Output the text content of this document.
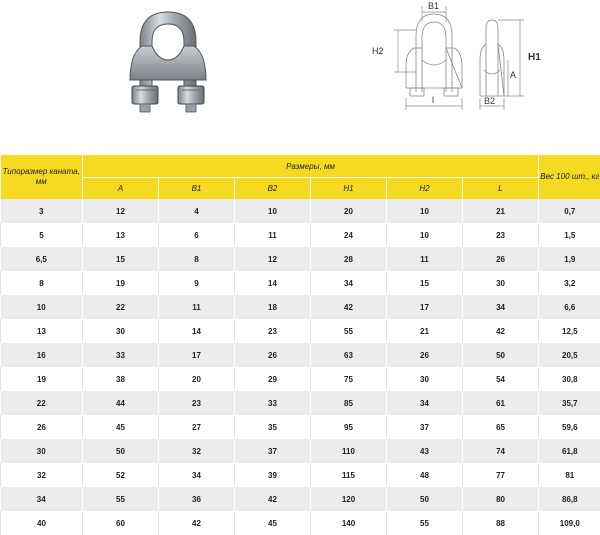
B1
H2
l
H1
A
B2
Типоразмер каната, мм	Размеры, мм						Вес 100 шт., кг
	A	B1	B2	H1	H2	L	
3	12	4	10	20	10	21	0,7
5	13	6	11	24	10	23	1,5
6,5	15	8	12	28	11	26	1,9
8	19	9	14	34	15	30	3,2
10	22	11	18	42	17	34	6,6
13	30	14	23	55	21	42	12,5
16	33	17	26	63	26	50	20,5
19	38	20	29	75	30	54	30,8
22	44	23	33	85	34	61	35,7
26	45	27	35	95	37	65	59,6
30	50	32	37	110	43	74	61,8
32	52	34	39	115	48	77	81
34	55	36	42	120	50	80	86,8
40	60	42	45	140	55	88	109,0
